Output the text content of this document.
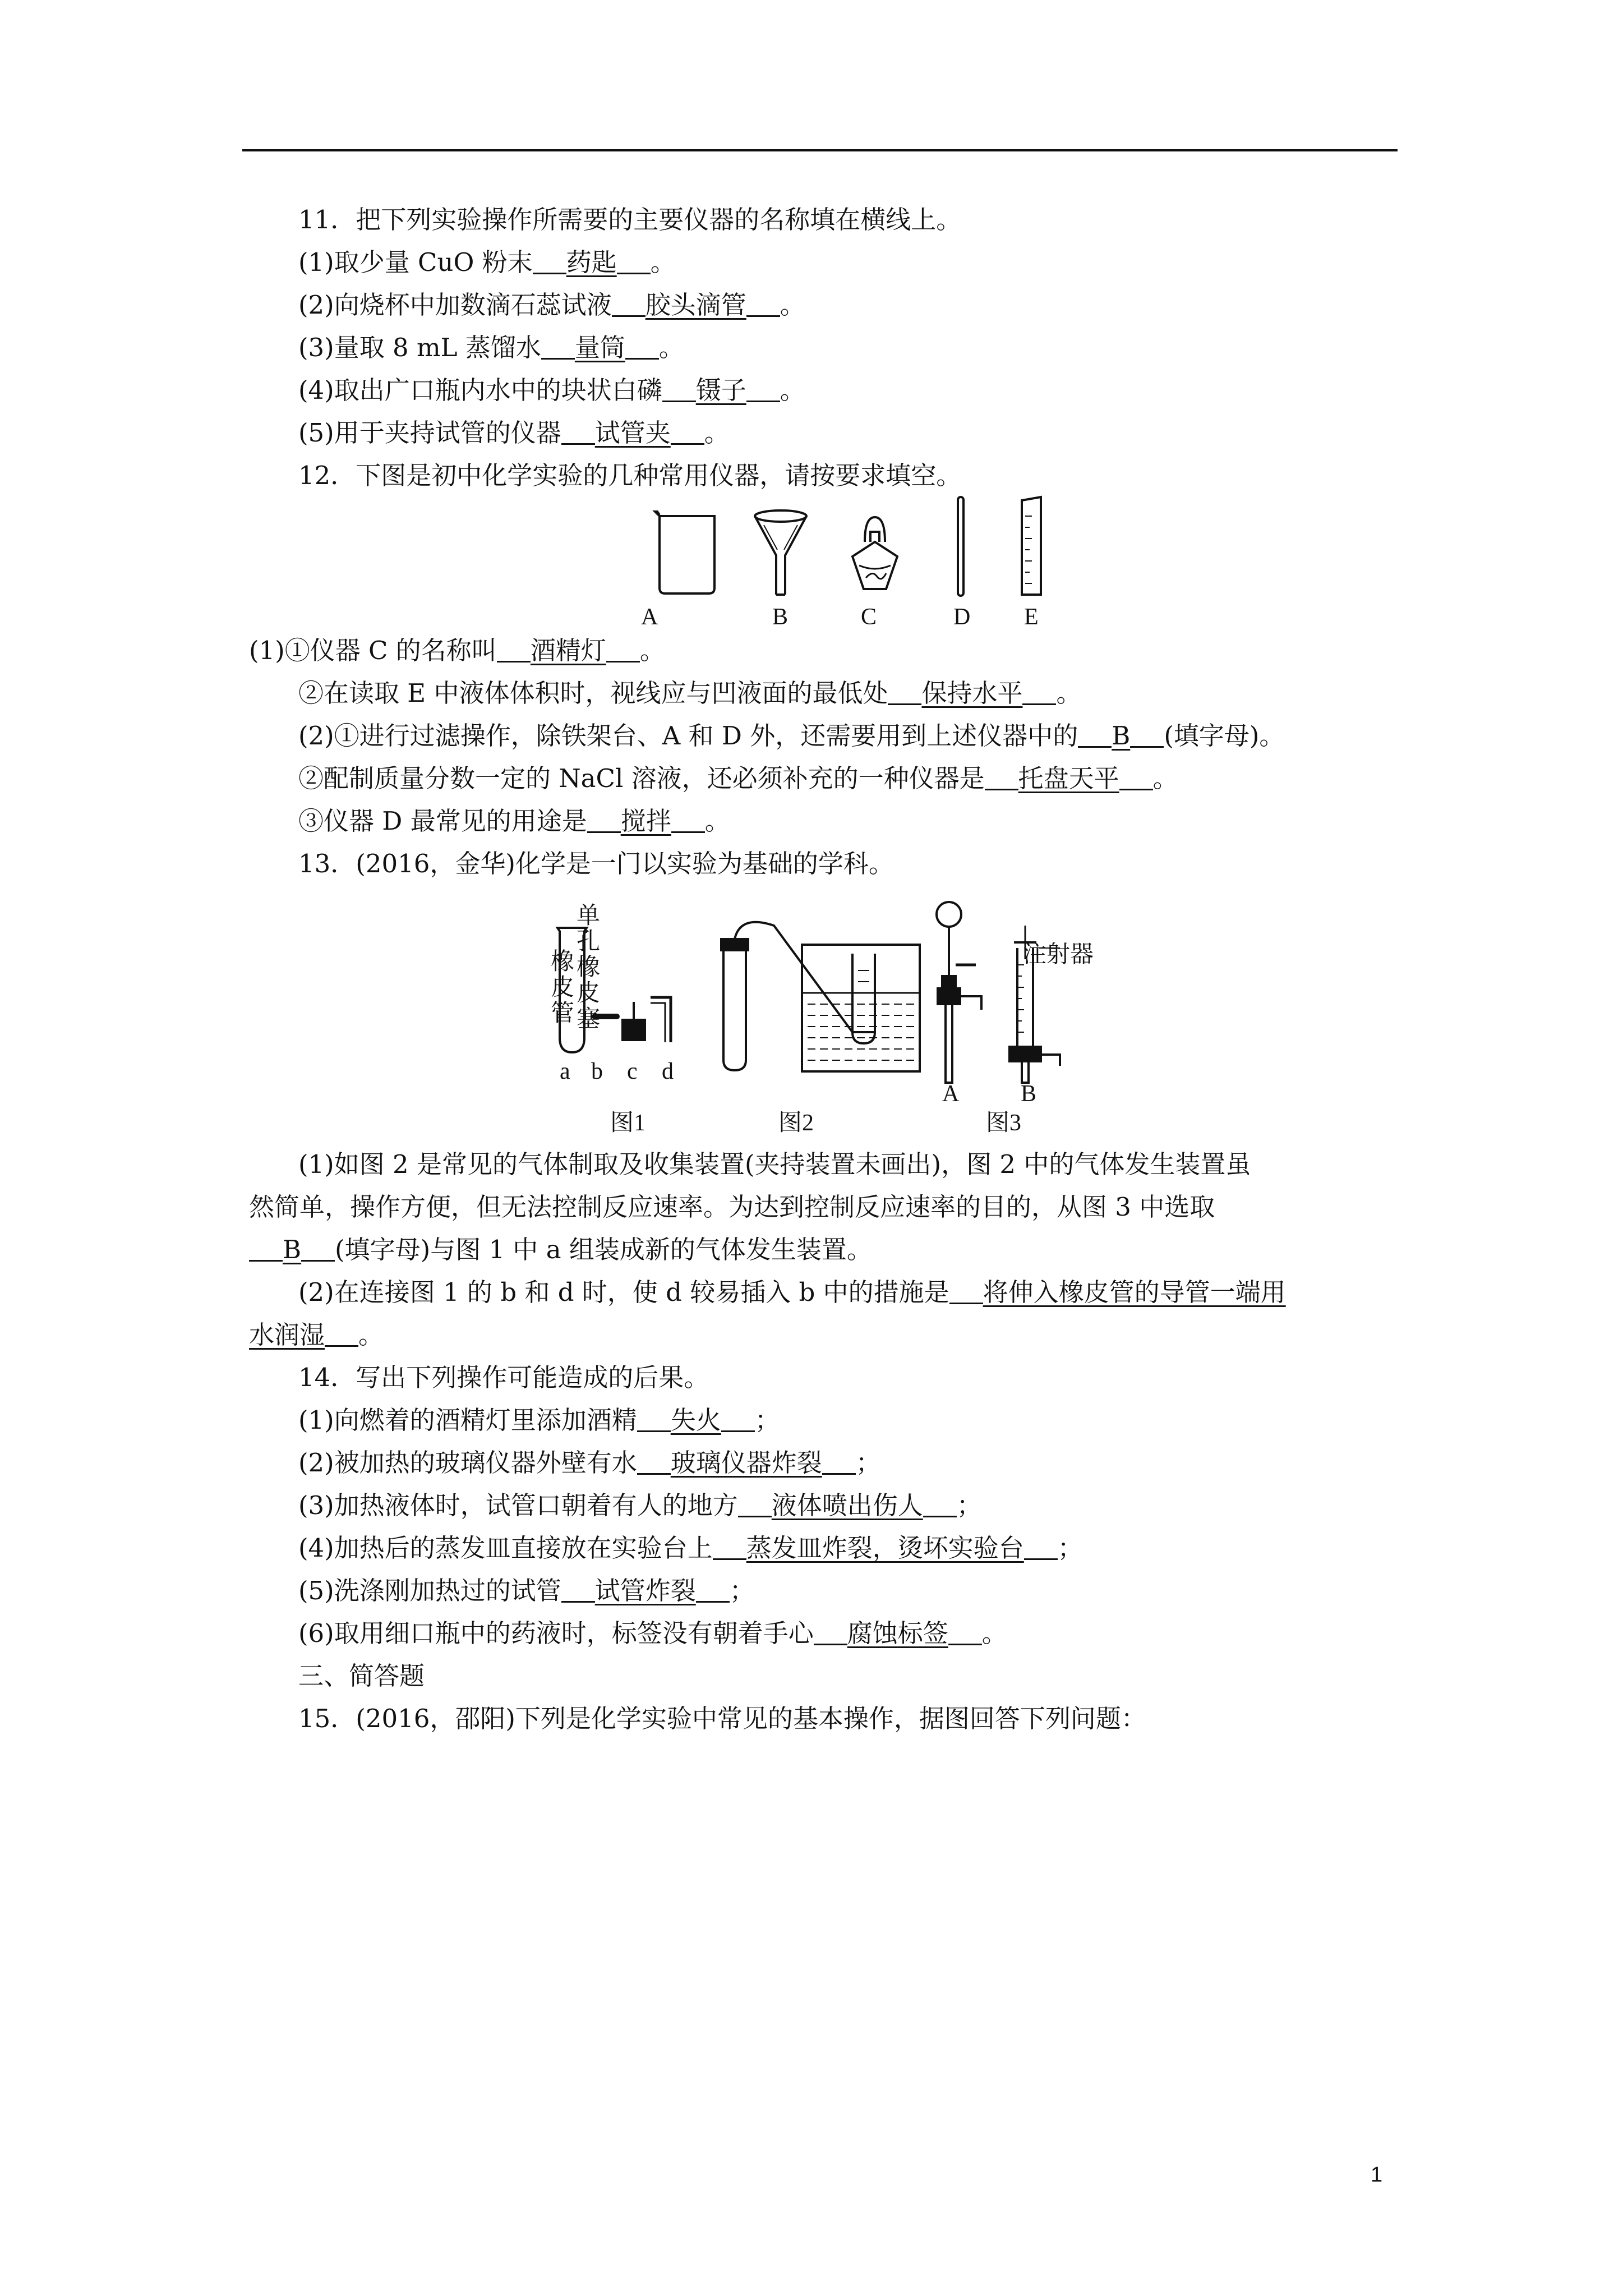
11．把下列实验操作所需要的主要仪器的名称填在横线上。
(1)取少量 CuO 粉末 药匙 。
(2)向烧杯中加数滴石蕊试液 胶头滴管 。
(3)量取 8 mL 蒸馏水 量筒 。
(4)取出广口瓶内水中的块状白磷 镊子 。
(5)用于夹持试管的仪器 试管夹 。
12．下图是初中化学实验的几种常用仪器，请按要求填空。
A	B	C	D E
(1)①仪器 C 的名称叫 酒精灯 。
②在读取 E 中液体体积时，视线应与凹液面的最低处 保持水平 。
(2)①进行过滤操作，除铁架台、A 和 D 外，还需要用到上述仪器中的 B (填字母)。
②配制质量分数一定的 NaCl 溶液，还必须补充的一种仪器是 托盘天平 。
③仪器 D 最常见的用途是 搅拌 。
13．(2016，金华)化学是一门以实验为基础的学科。
单孔橡皮塞
橡皮管
注射器
a b c d
A	B
图1	图2	图3
(1)如图 2 是常见的气体制取及收集装置(夹持装置未画出)，图 2 中的气体发生装置虽
然简单，操作方便，但无法控制反应速率。为达到控制反应速率的目的，从图 3 中选取
B (填字母)与图 1 中 a 组装成新的气体发生装置。
(2)在连接图 1 的 b 和 d 时，使 d 较易插入 b 中的措施是 将伸入橡皮管的导管一端用
水润湿 。
14．写出下列操作可能造成的后果。
(1)向燃着的酒精灯里添加酒精 失火 ；
(2)被加热的玻璃仪器外壁有水 玻璃仪器炸裂 ；
(3)加热液体时，试管口朝着有人的地方 液体喷出伤人 ；
(4)加热后的蒸发皿直接放在实验台上 蒸发皿炸裂，烫坏实验台 ；
(5)洗涤刚加热过的试管 试管炸裂 ；
(6)取用细口瓶中的药液时，标签没有朝着手心 腐蚀标签 。
三、简答题
15．(2016，邵阳)下列是化学实验中常见的基本操作，据图回答下列问题：
1
